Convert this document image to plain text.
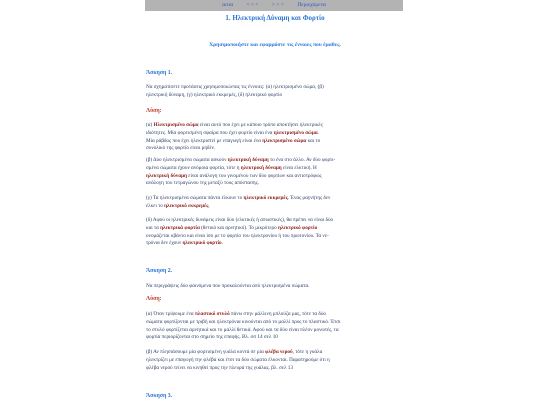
αιτια < < < > > > Περιεχόμενα
1. Ηλεκτρική Δύναμη και Φορτίο
Χρησιμοποιήστε και εφαρμόστε τις έννοιες που έμαθες.
Άσκηση 1.
Να σχηματίσετε προτάσεις χρησιμοποιώντας τις έννοιες: (α) ηλεκτρισμένο σώμα, (β)
ηλεκτρική δύναμη, (γ) ηλεκτρικό εκκρεμές, (δ) ηλεκτρικό φορτίο
Λύση:
(α) Ηλεκτρισμένο σώμα είναι αυτό που έχει με κάποιο τρόπο αποκτήσει ηλεκτρικές
ιδιότητες. Μία φορτισμένη σφαίρα που έχει φορτίο είναι ένα ηλεκτρισμένο σώμα.
Μία ράβδος που έχει ηλεκτριστεί με επαγωγή είναι ένα ηλεκτρισμένο σώμα και το
συνολικό της φορτίο είναι μηδέν.
(β) Δύο ηλεκτρισμένα σώματα ασκούν ηλεκτρική δύναμη το ένα στο άλλο. Αν δύο φορτι-
σμένα σώματα έχουν ανόμοια φορτία, τότε η ηλεκτρική δύναμη είναι ελκτική. Η
ηλεκτρική δύναμη είναι ανάλογη του γινομένου των δύο φορτίων και αντιστρόφως
ανάλογη του τετραγώνου της μεταξύ τους απόστασης.
(γ) Τα ηλεκτρισμένα σώματα πάντα έλκουν το ηλεκτρικό εκκρεμές. Ένας μαγνήτης δεν
έλκει το ηλεκτρικό εκκρεμές.
(δ) Αφού οι ηλεκτρικές δυνάμεις είναι δύο (ελκτικές ή απωστικές), θα πρέπει να είναι δύο
και τα ηλεκτρικά φορτία (θετικό και αρνητικό). Το μικρότερο ηλεκτρικό φορτίο
ονομάζεται κβάντο και είναι ίσο με το φορτίο του ηλεκτρονίου ή του πρωτονίου. Τα νε-
τρόνια δεν έχουν ηλεκτρικό φορτίο.
Άσκηση 2.
Να περιγράψεις δύο φαινόμενα που προκαλούνται από ηλεκτρισμένα σώματα.
Λύση:
(α) Όταν τρίψουμε ένα πλαστικό στυλό πάνω στην μάλλινη μπλούζα μας, τότε τα δύο
σώματα φορτίζονται με τριβή και ηλεκτρόνια κινούνται από το μαλλί προς το πλαστικό. Έτσι
το στυλό φορτίζεται αρνητικά και το μαλλί θετικά. Αφού και τα δύο είναι πλέον μονωτές, τα
φορτία περιορίζονται στο σημείο της επαφής. Βλ. σσ 14 σελ 10
(β) Αν πλησιάσουμε μία φορτισμένη γυάλα κοντά σε μία φλέβα νερού, τότε η γυάλα
ηλεκτρίζει με επαγωγή την φλέβα και έτσι τα δύο σώματα έλκονται. Παρατηρούμε ότι η
φλέβα νερού τείνει να κινηθεί προς την πλευρά της γυάλας. βλ. σελ 13
Άσκηση 3.
